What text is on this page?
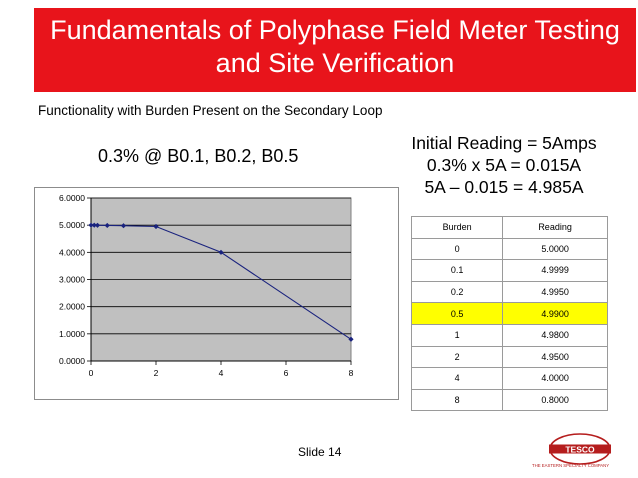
Fundamentals of Polyphase Field Meter Testing and Site Verification
Functionality with Burden Present on the Secondary Loop
0.3% @ B0.1, B0.2, B0.5
Initial Reading = 5Amps
0.3% x 5A = 0.015A
5A – 0.015 = 4.985A
0.0000
1.0000
2.0000
3.0000
4.0000
5.0000
6.0000
0	2	4	6	8
Burden	Reading
0	5.0000
0.1	4.9999
0.2	4.9950
0.5	4.9900
1	4.9800
2	4.9500
4	4.0000
8	0.8000
Slide 14	TESCO
THE EASTERN SPECIALTY COMPANY
